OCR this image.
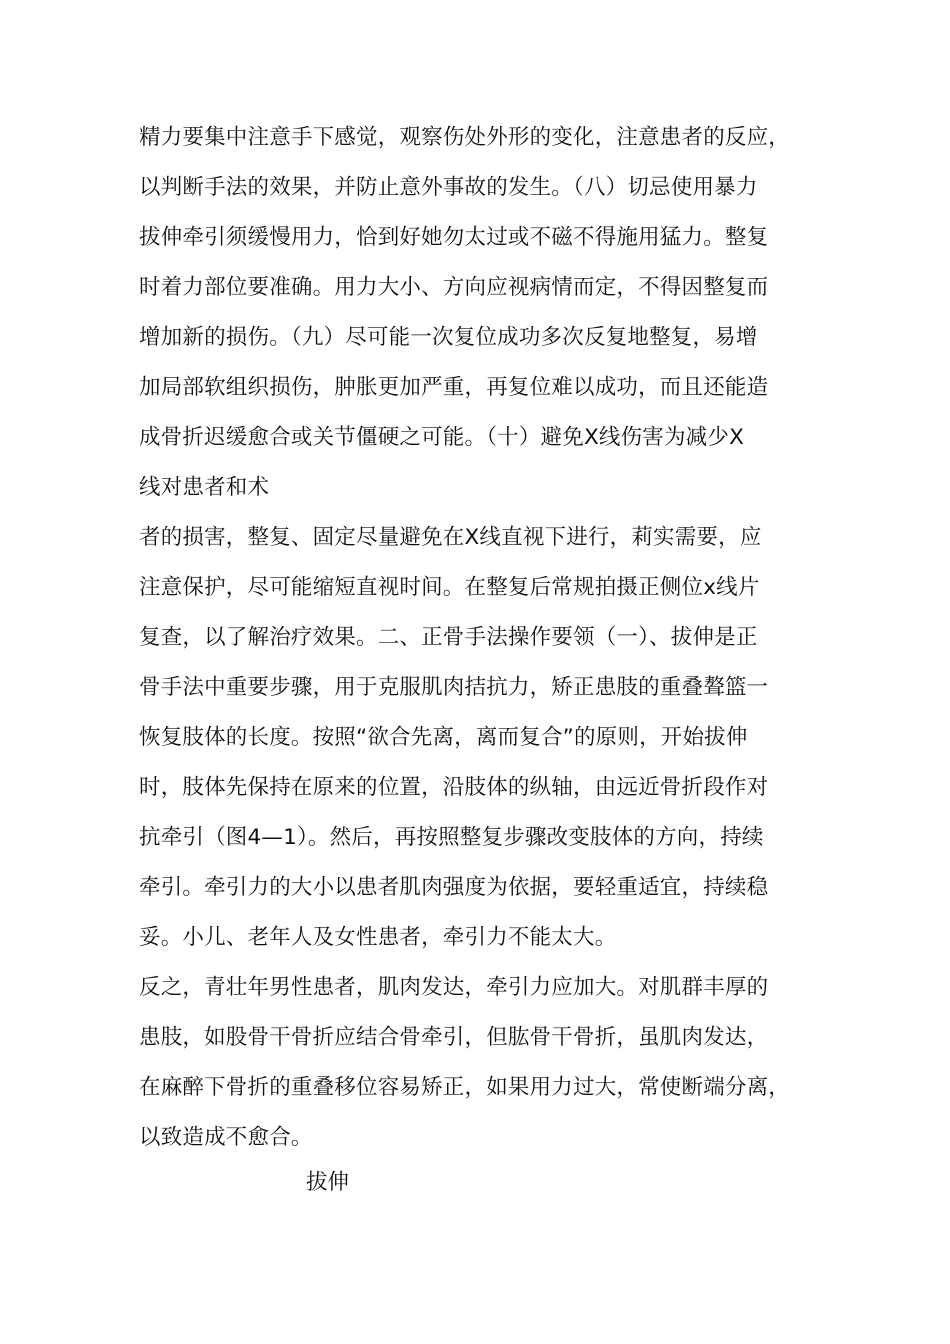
精力要集中注意手下感觉，观察伤处外形的变化，注意患者的反应，
以判断手法的效果，并防止意外事故的发生。（八）切忌使用暴力
拔伸牵引须缓慢用力，恰到好她勿太过或不磁不得施用猛力。整复
时着力部位要准确。用力大小、方向应视病情而定，不得因整复而
增加新的损伤。（九）尽可能一次复位成功多次反复地整复，易增
加局部软组织损伤，肿胀更加严重，再复位难以成功，而且还能造
成骨折迟缓愈合或关节僵硬之可能。（十）避免X线伤害为减少X
线对患者和术
者的损害，整复、固定尽量避免在X线直视下进行，莉实需要，应
注意保护，尽可能缩短直视时间。在整复后常规拍摄正侧位x线片
复查，以了解治疗效果。二、正骨手法操作要领（一）、拔伸是正
骨手法中重要步骤，用于克服肌肉拮抗力，矫正患肢的重叠聱篮一
恢复肢体的长度。按照“欲合先离，离而复合”的原则，开始拔伸
时，肢体先保持在原来的位置，沿肢体的纵轴，由远近骨折段作对
抗牵引（图4—1）。然后，再按照整复步骤改变肢体的方向，持续
牵引。牵引力的大小以患者肌肉强度为依据，要轻重适宜，持续稳
妥。小儿、老年人及女性患者，牵引力不能太大。
反之，青壮年男性患者，肌肉发达，牵引力应加大。对肌群丰厚的
患肢，如股骨干骨折应结合骨牵引，但肱骨干骨折，虽肌肉发达，
在麻醉下骨折的重叠移位容易矫正，如果用力过大，常使断端分离，
以致造成不愈合。
拔伸
